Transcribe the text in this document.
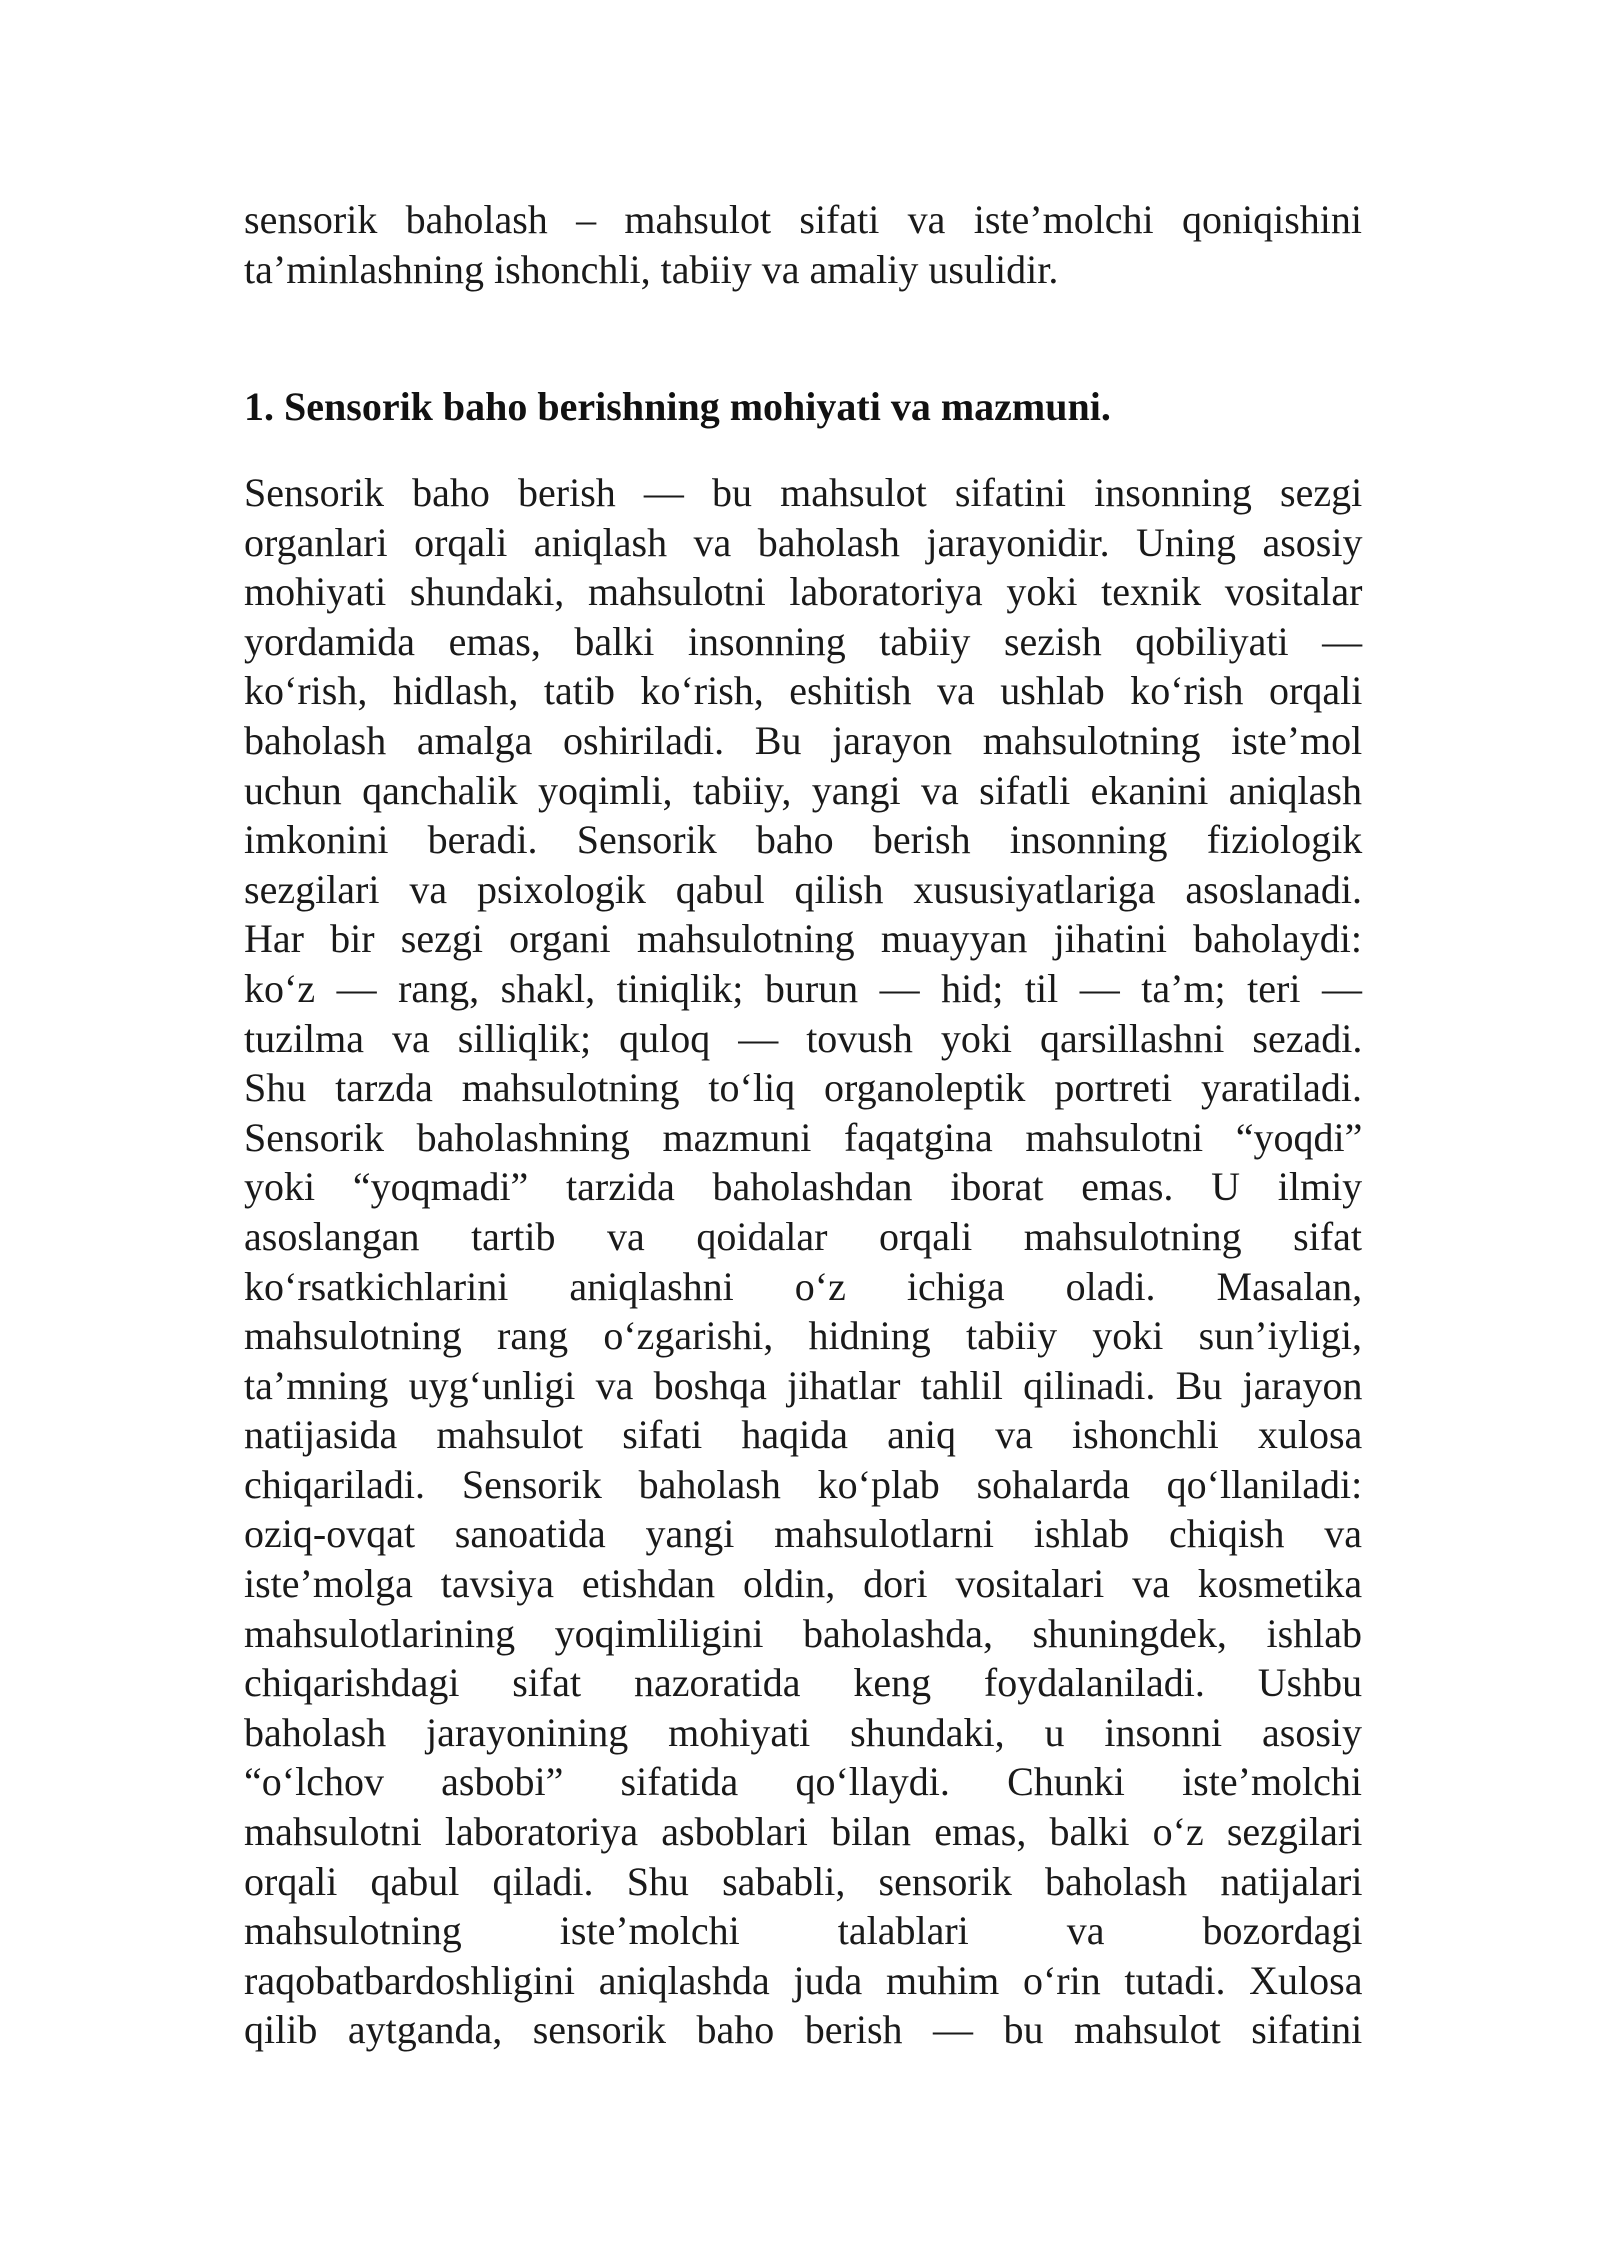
sensorik baholash – mahsulot sifati va iste’molchi qoniqishini
ta’minlashning ishonchli, tabiiy va amaliy usulidir.
1. Sensorik baho berishning mohiyati va mazmuni.
Sensorik baho berish — bu mahsulot sifatini insonning sezgi
organlari orqali aniqlash va baholash jarayonidir. Uning asosiy
mohiyati shundaki, mahsulotni laboratoriya yoki texnik vositalar
yordamida emas, balki insonning tabiiy sezish qobiliyati —
ko‘rish, hidlash, tatib ko‘rish, eshitish va ushlab ko‘rish orqali
baholash amalga oshiriladi. Bu jarayon mahsulotning iste’mol
uchun qanchalik yoqimli, tabiiy, yangi va sifatli ekanini aniqlash
imkonini beradi. Sensorik baho berish insonning fiziologik
sezgilari va psixologik qabul qilish xususiyatlariga asoslanadi.
Har bir sezgi organi mahsulotning muayyan jihatini baholaydi:
ko‘z — rang, shakl, tiniqlik; burun — hid; til — ta’m; teri —
tuzilma va silliqlik; quloq — tovush yoki qarsillashni sezadi.
Shu tarzda mahsulotning to‘liq organoleptik portreti yaratiladi.
Sensorik baholashning mazmuni faqatgina mahsulotni “yoqdi”
yoki “yoqmadi” tarzida baholashdan iborat emas. U ilmiy
asoslangan tartib va qoidalar orqali mahsulotning sifat
ko‘rsatkichlarini aniqlashni o‘z ichiga oladi. Masalan,
mahsulotning rang o‘zgarishi, hidning tabiiy yoki sun’iyligi,
ta’mning uyg‘unligi va boshqa jihatlar tahlil qilinadi. Bu jarayon
natijasida mahsulot sifati haqida aniq va ishonchli xulosa
chiqariladi. Sensorik baholash ko‘plab sohalarda qo‘llaniladi:
oziq-ovqat sanoatida yangi mahsulotlarni ishlab chiqish va
iste’molga tavsiya etishdan oldin, dori vositalari va kosmetika
mahsulotlarining yoqimliligini baholashda, shuningdek, ishlab
chiqarishdagi sifat nazoratida keng foydalaniladi. Ushbu
baholash jarayonining mohiyati shundaki, u insonni asosiy
“o‘lchov asbobi” sifatida qo‘llaydi. Chunki iste’molchi
mahsulotni laboratoriya asboblari bilan emas, balki o‘z sezgilari
orqali qabul qiladi. Shu sababli, sensorik baholash natijalari
mahsulotning iste’molchi talablari va bozordagi
raqobatbardoshligini aniqlashda juda muhim o‘rin tutadi. Xulosa
qilib aytganda, sensorik baho berish — bu mahsulot sifatini
